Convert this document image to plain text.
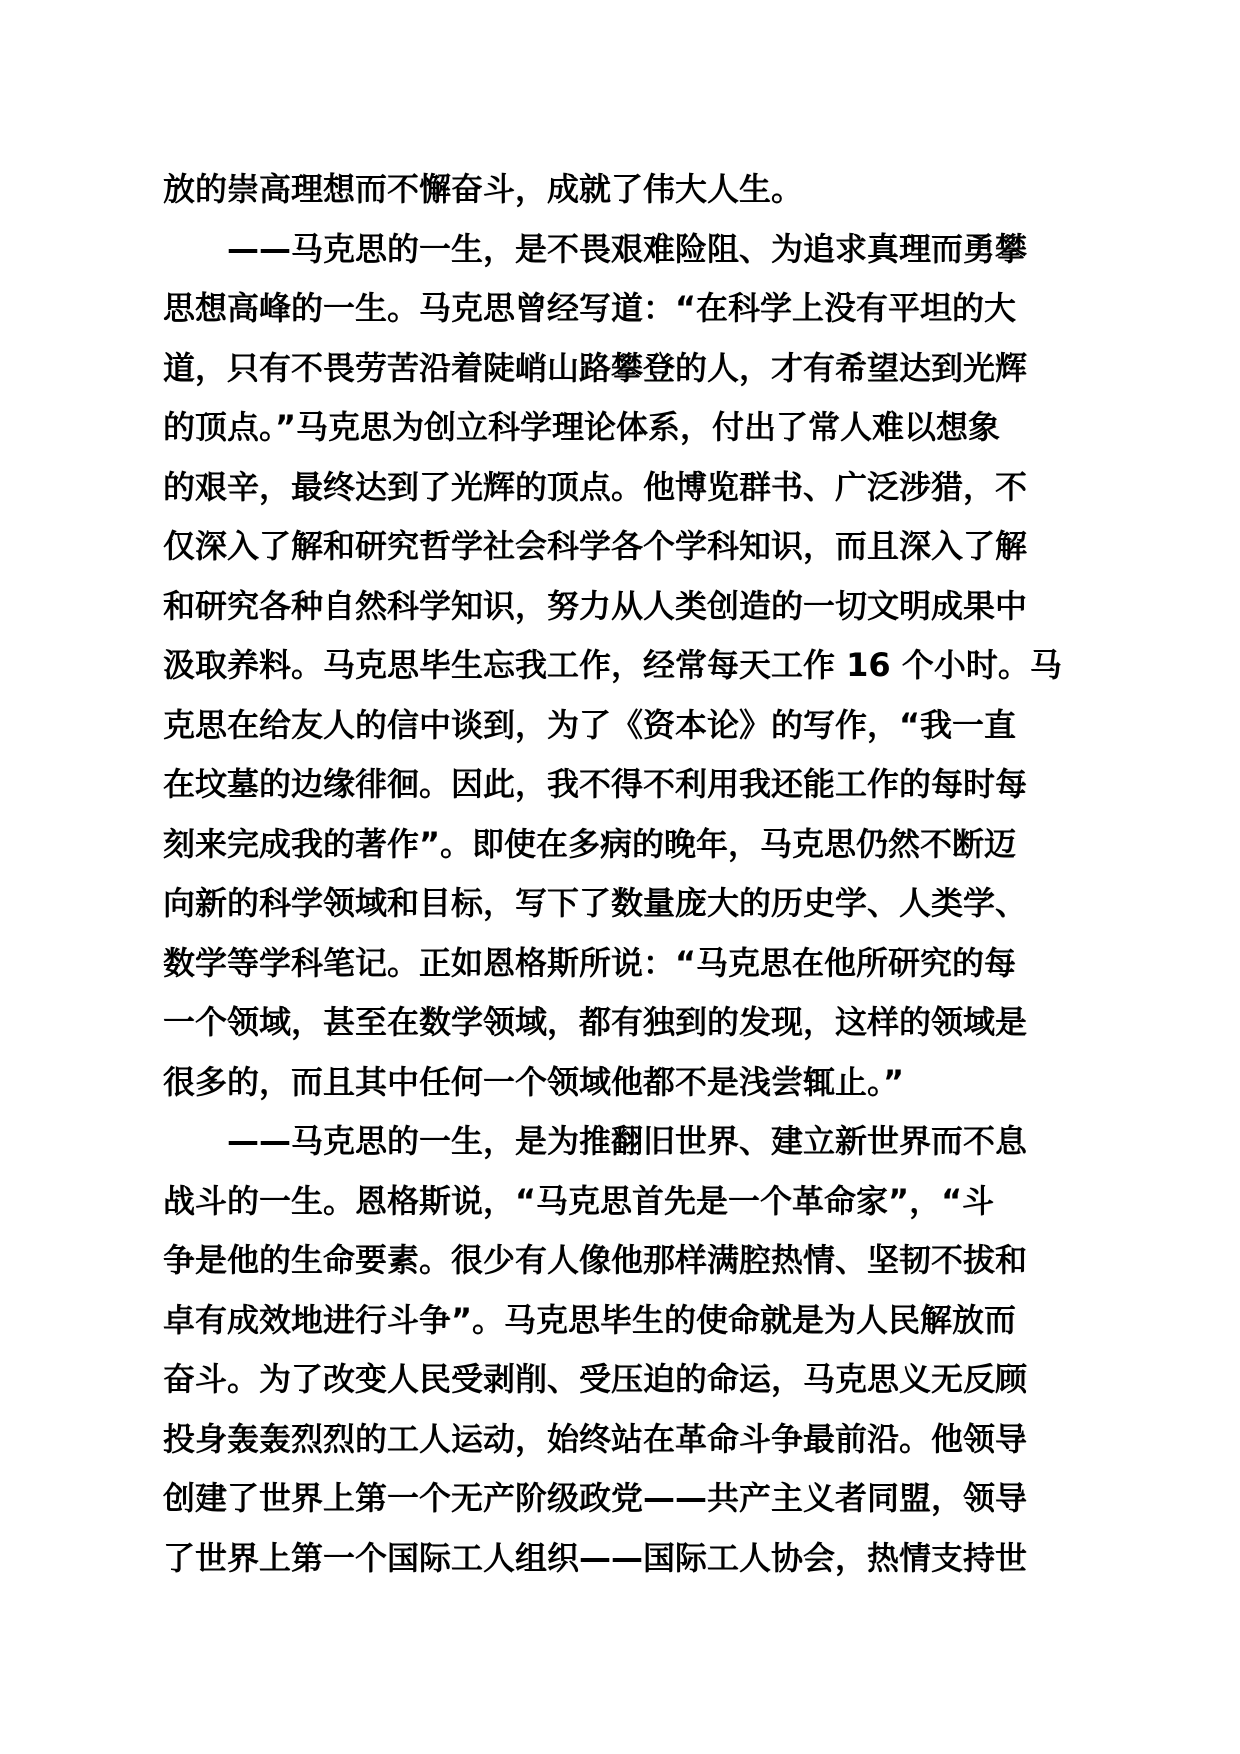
放的崇高理想而不懈奋斗，成就了伟大人生。
——马克思的一生，是不畏艰难险阻、为追求真理而勇攀
思想高峰的一生。马克思曾经写道：“在科学上没有平坦的大
道，只有不畏劳苦沿着陡峭山路攀登的人，才有希望达到光辉
的顶点。”马克思为创立科学理论体系，付出了常人难以想象
的艰辛，最终达到了光辉的顶点。他博览群书、广泛涉猎，不
仅深入了解和研究哲学社会科学各个学科知识，而且深入了解
和研究各种自然科学知识，努力从人类创造的一切文明成果中
汲取养料。马克思毕生忘我工作，经常每天工作 16 个小时。马
克思在给友人的信中谈到，为了《资本论》的写作，“我一直
在坟墓的边缘徘徊。因此，我不得不利用我还能工作的每时每
刻来完成我的著作”。即使在多病的晚年，马克思仍然不断迈
向新的科学领域和目标，写下了数量庞大的历史学、人类学、
数学等学科笔记。正如恩格斯所说：“马克思在他所研究的每
一个领域，甚至在数学领域，都有独到的发现，这样的领域是
很多的，而且其中任何一个领域他都不是浅尝辄止。”
——马克思的一生，是为推翻旧世界、建立新世界而不息
战斗的一生。恩格斯说，“马克思首先是一个革命家”，“斗
争是他的生命要素。很少有人像他那样满腔热情、坚韧不拔和
卓有成效地进行斗争”。马克思毕生的使命就是为人民解放而
奋斗。为了改变人民受剥削、受压迫的命运，马克思义无反顾
投身轰轰烈烈的工人运动，始终站在革命斗争最前沿。他领导
创建了世界上第一个无产阶级政党——共产主义者同盟，领导
了世界上第一个国际工人组织——国际工人协会，热情支持世
